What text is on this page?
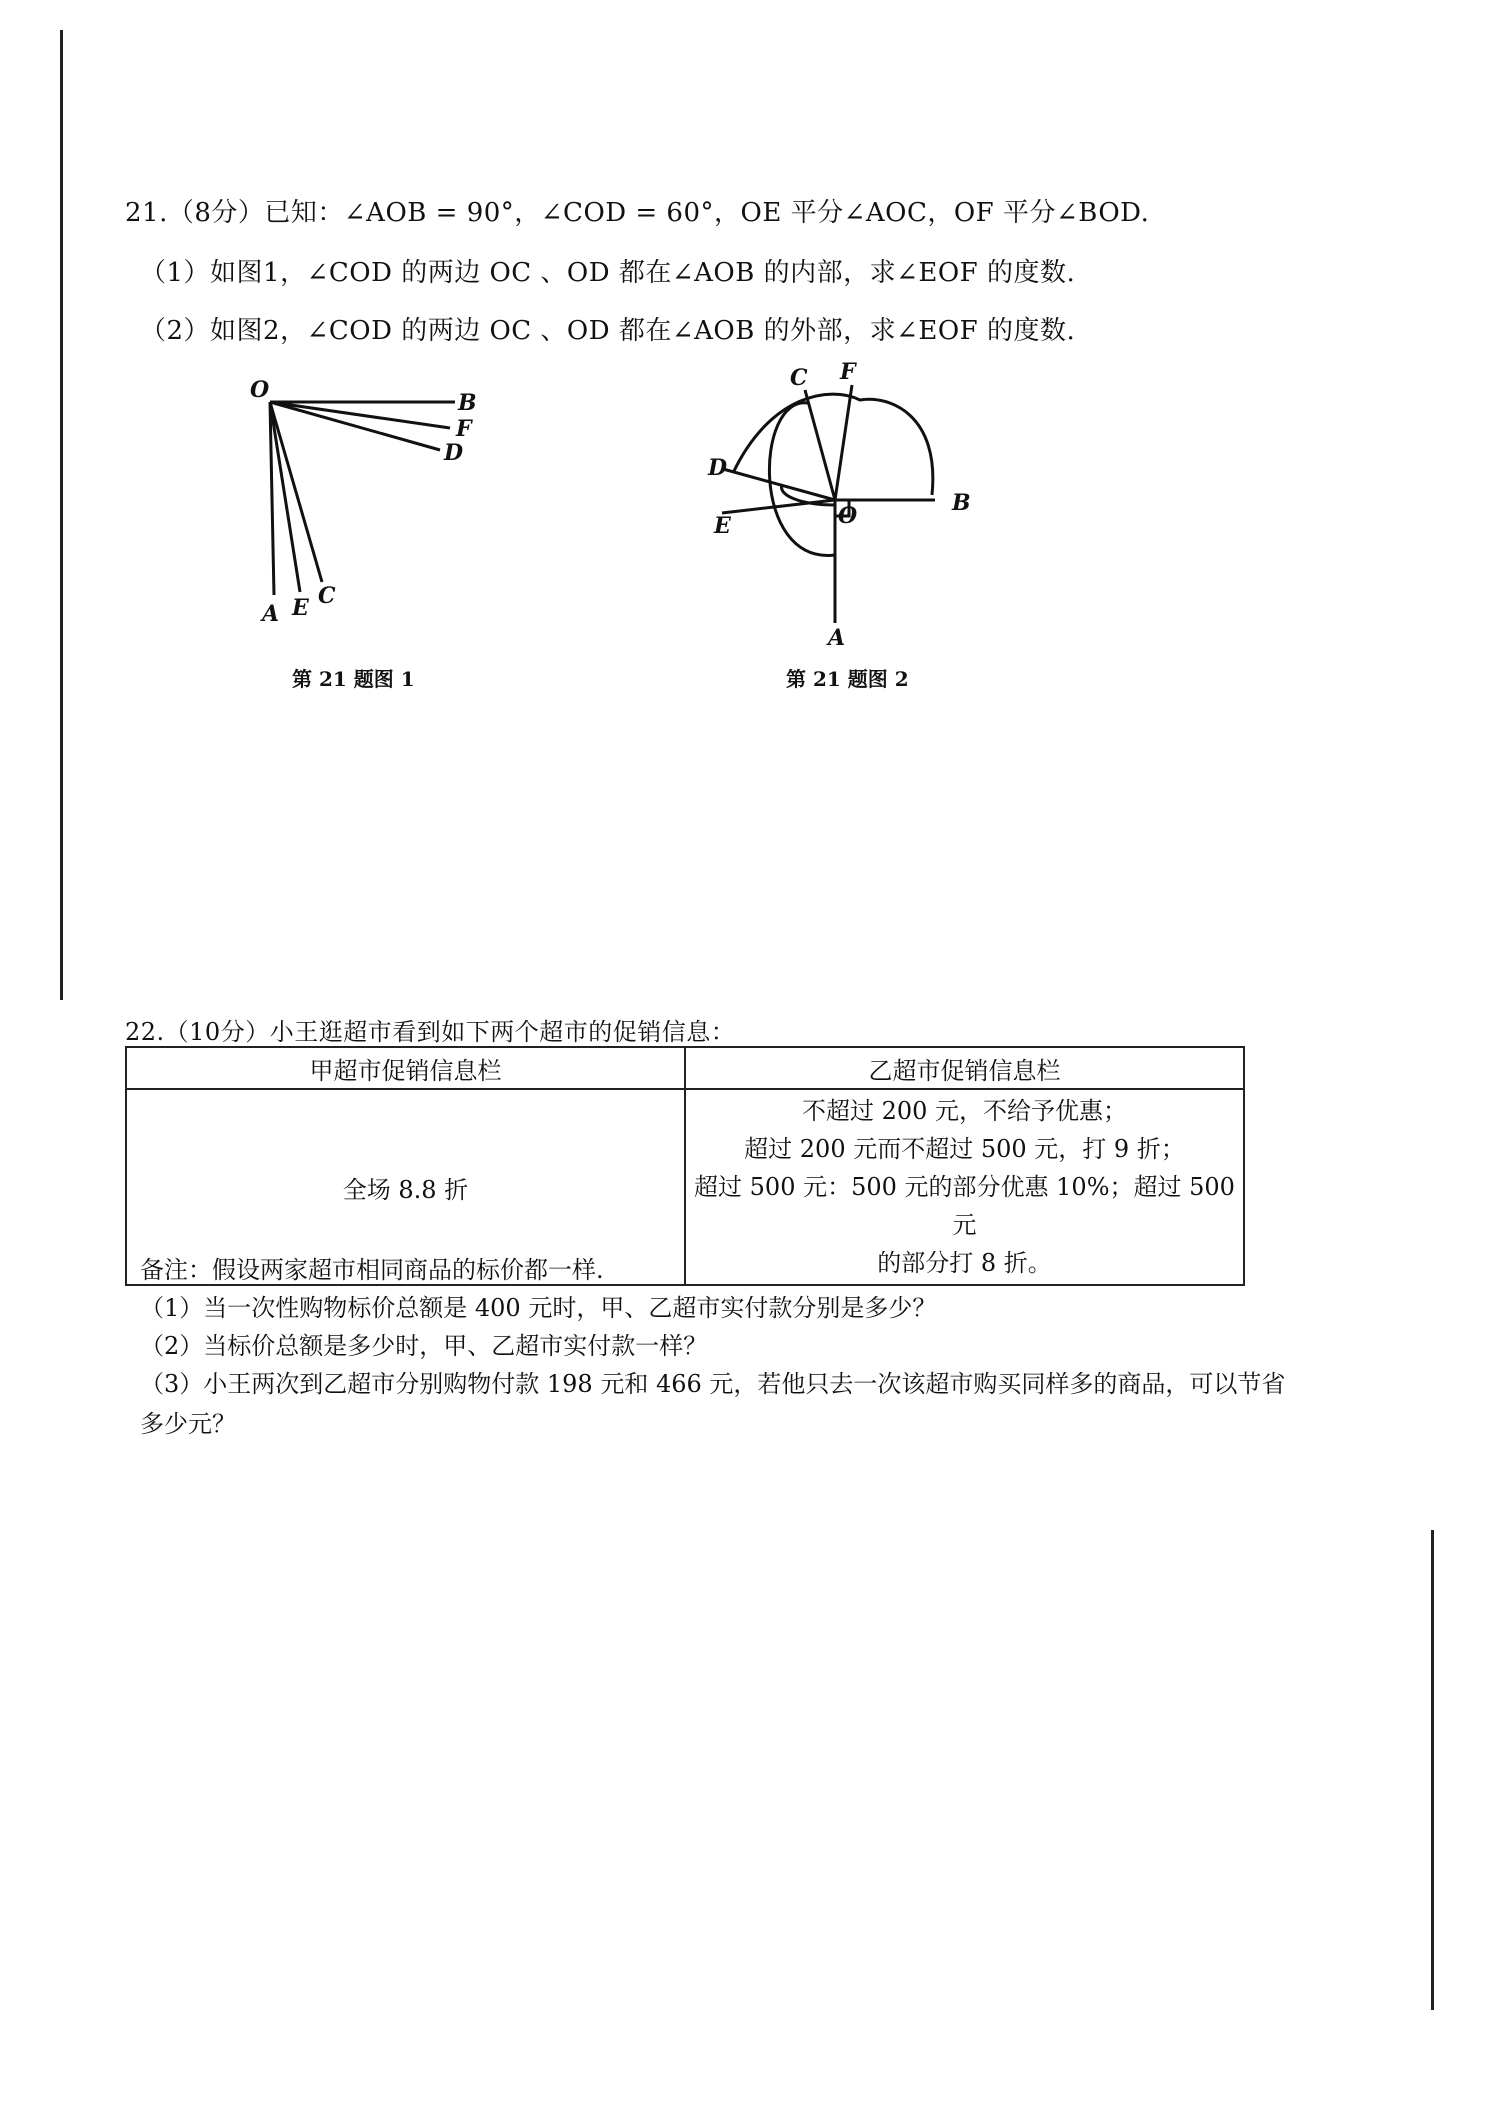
21.（8分）已知：∠AOB = 90°，∠COD = 60°，OE 平分∠AOC，OF 平分∠BOD.
（1）如图1，∠COD 的两边 OC 、OD 都在∠AOB 的内部，求∠EOF 的度数.
（2）如图2，∠COD 的两边 OC 、OD 都在∠AOB 的外部，求∠EOF 的度数.
O	B
F
D
A E C
第 21 题图 1
C F
D
E	O	B
A
第 21 题图 2
22.（10分）小王逛超市看到如下两个超市的促销信息：
甲超市促销信息栏	乙超市促销信息栏
全场 8.8 折	不超过 200 元，不给予优惠；
超过 200 元而不超过 500 元，打 9 折；
超过 500 元：500 元的部分优惠 10%；超过 500 元
的部分打 8 折。
备注：假设两家超市相同商品的标价都一样.
（1）当一次性购物标价总额是 400 元时，甲、乙超市实付款分别是多少？
（2）当标价总额是多少时，甲、乙超市实付款一样？
（3）小王两次到乙超市分别购物付款 198 元和 466 元，若他只去一次该超市购买同样多的商品，可以节省
多少元？
